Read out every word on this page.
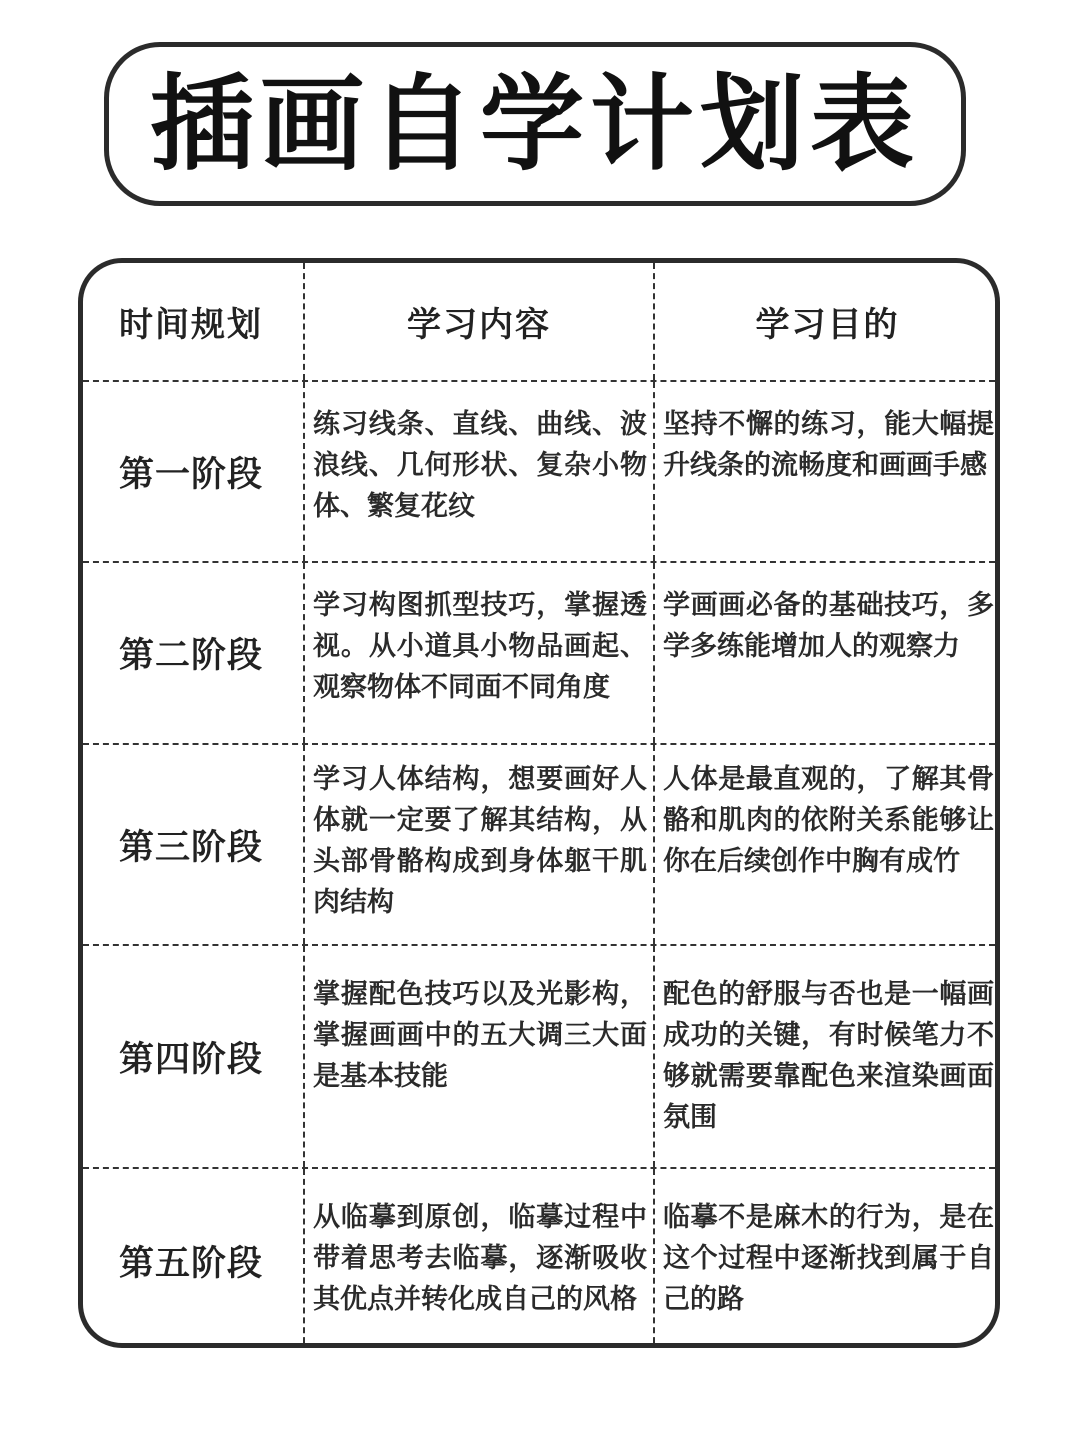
插画自学计划表
时间规划	学习内容	学习目的
第一阶段
练习线条、直线、曲线、波浪线、几何形状、复杂小物体、繁复花纹
坚持不懈的练习，能大幅提升线条的流畅度和画画手感
第二阶段
学习构图抓型技巧，掌握透视。从小道具小物品画起、观察物体不同面不同角度
学画画必备的基础技巧，多学多练能增加人的观察力
第三阶段
学习人体结构，想要画好人体就一定要了解其结构，从头部骨骼构成到身体躯干肌肉结构
人体是最直观的，了解其骨骼和肌肉的依附关系能够让你在后续创作中胸有成竹
第四阶段
掌握配色技巧以及光影构，掌握画画中的五大调三大面是基本技能
配色的舒服与否也是一幅画成功的关键，有时候笔力不够就需要靠配色来渲染画面氛围
第五阶段
从临摹到原创，临摹过程中带着思考去临摹，逐渐吸收其优点并转化成自己的风格
临摹不是麻木的行为，是在这个过程中逐渐找到属于自己的路
